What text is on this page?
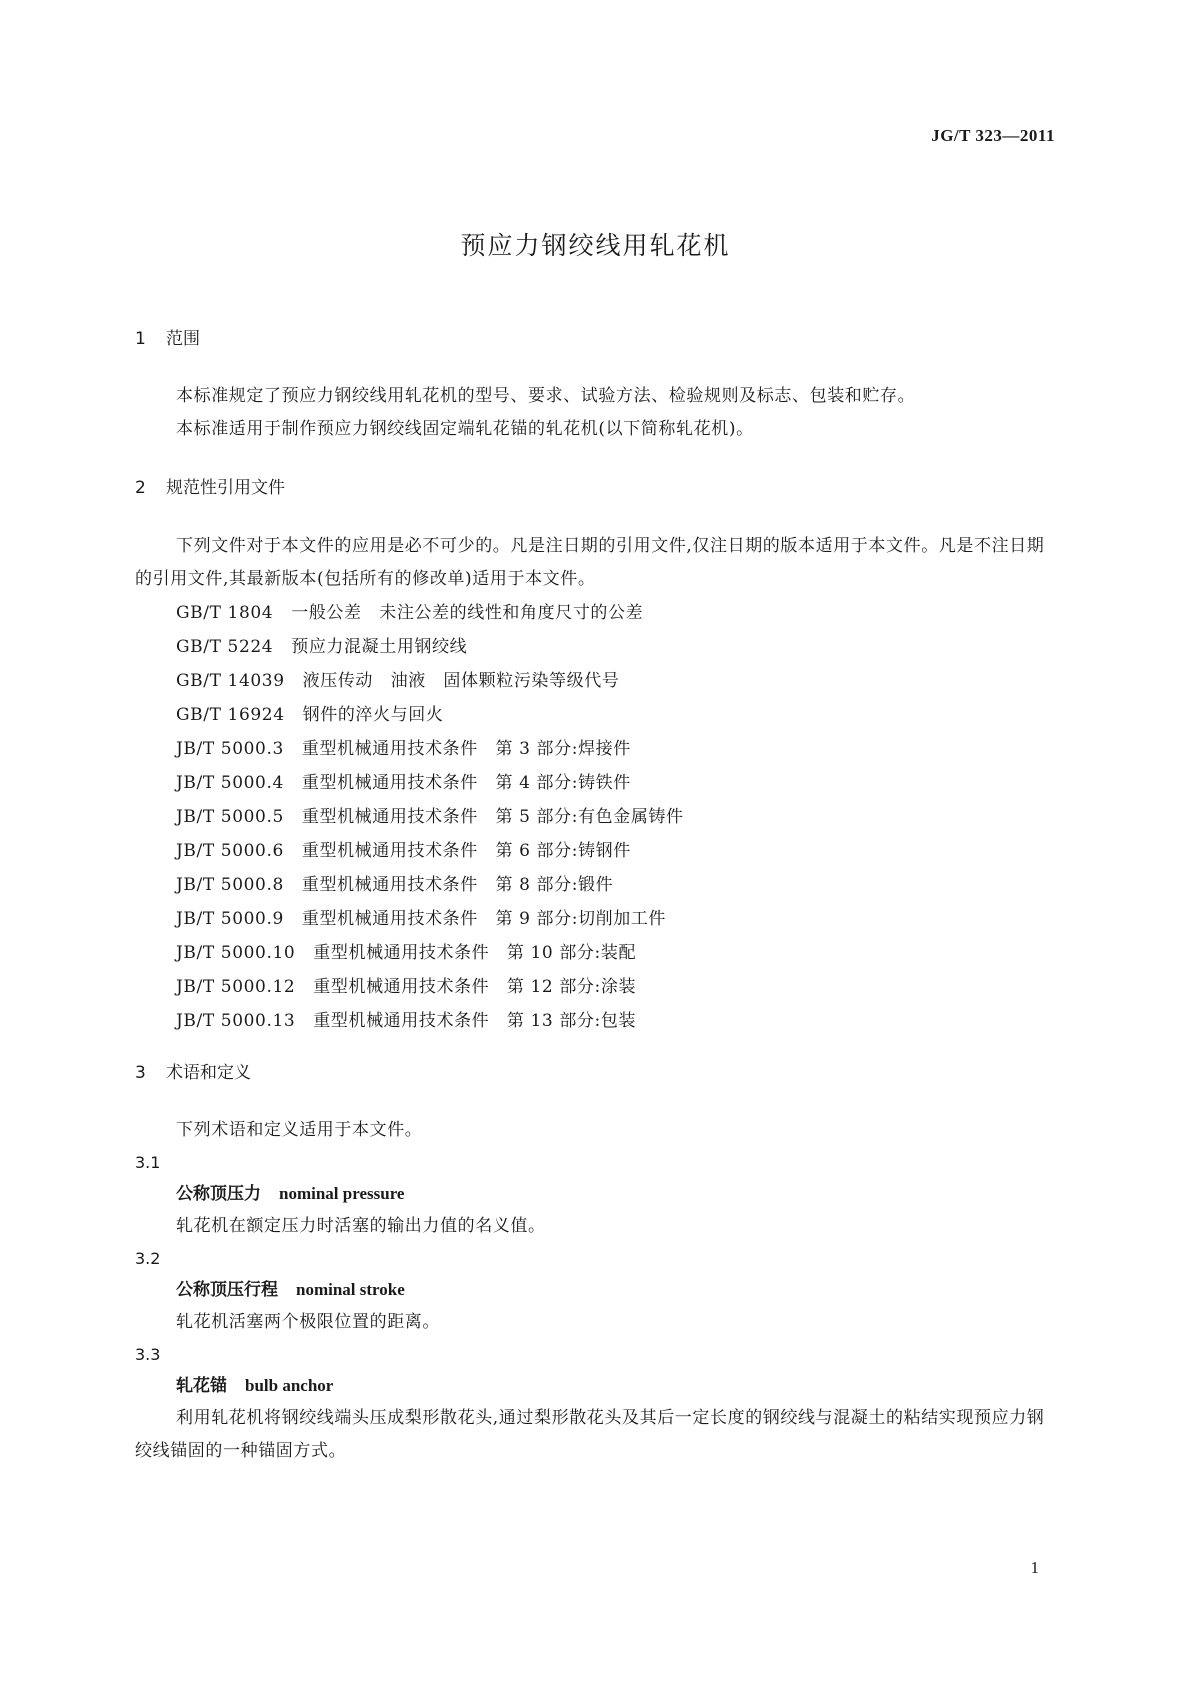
JG/T 323—2011
预应力钢绞线用轧花机
1 范围
本标准规定了预应力钢绞线用轧花机的型号、要求、试验方法、检验规则及标志、包装和贮存。
本标准适用于制作预应力钢绞线固定端轧花锚的轧花机(以下简称轧花机)。
2 规范性引用文件
下列文件对于本文件的应用是必不可少的。凡是注日期的引用文件,仅注日期的版本适用于本文件。凡是不注日期的引用文件,其最新版本(包括所有的修改单)适用于本文件。
GB/T 1804 一般公差　未注公差的线性和角度尺寸的公差
GB/T 5224 预应力混凝土用钢绞线
GB/T 14039 液压传动　油液　固体颗粒污染等级代号
GB/T 16924 钢件的淬火与回火
JB/T 5000.3 重型机械通用技术条件　第 3 部分:焊接件
JB/T 5000.4 重型机械通用技术条件　第 4 部分:铸铁件
JB/T 5000.5 重型机械通用技术条件　第 5 部分:有色金属铸件
JB/T 5000.6 重型机械通用技术条件　第 6 部分:铸钢件
JB/T 5000.8 重型机械通用技术条件　第 8 部分:锻件
JB/T 5000.9 重型机械通用技术条件　第 9 部分:切削加工件
JB/T 5000.10 重型机械通用技术条件　第 10 部分:装配
JB/T 5000.12 重型机械通用技术条件　第 12 部分:涂装
JB/T 5000.13 重型机械通用技术条件　第 13 部分:包装
3 术语和定义
下列术语和定义适用于本文件。
3.1
公称顶压力 nominal pressure
轧花机在额定压力时活塞的输出力值的名义值。
3.2
公称顶压行程 nominal stroke
轧花机活塞两个极限位置的距离。
3.3
轧花锚 bulb anchor
利用轧花机将钢绞线端头压成梨形散花头,通过梨形散花头及其后一定长度的钢绞线与混凝土的粘结实现预应力钢绞线锚固的一种锚固方式。
1
